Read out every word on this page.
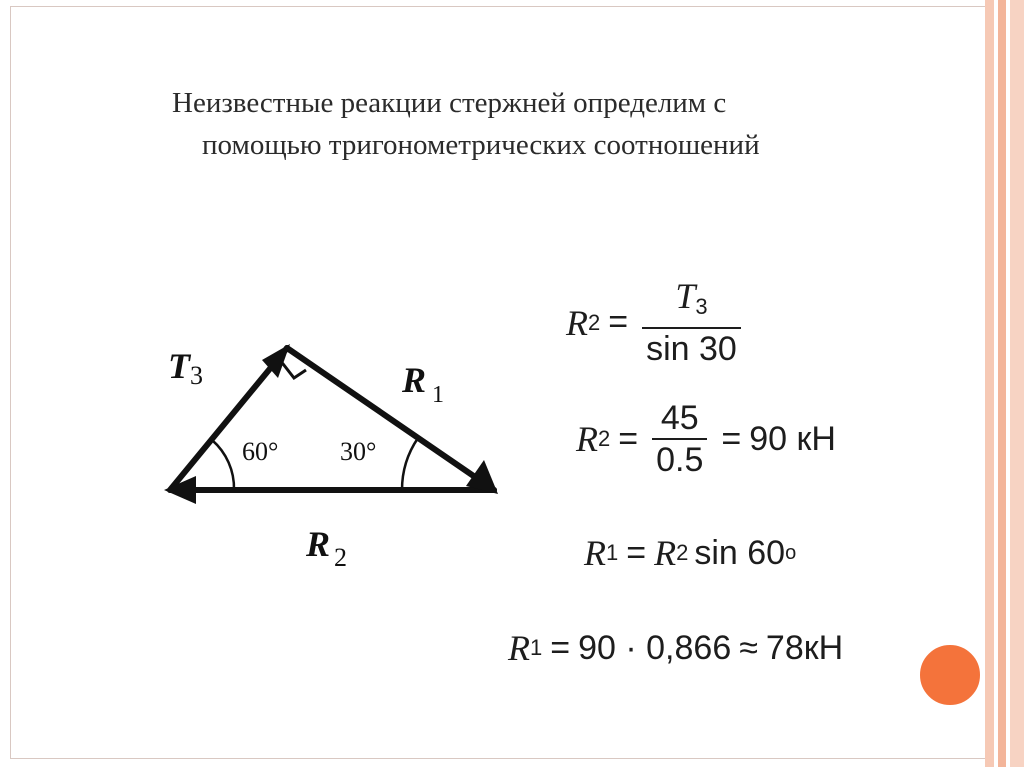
Неизвестные реакции стержней определим с
помощью тригонометрических соотношений
T3	R $_1$
R $_2$
60° 30°
R $2 = \frac{T_3}{\sin 30}$
R $2 = \frac{45}{0.5} = 90$ кН
R 1 = R 2 sin 60 o
R 1 = 90 · 0,866 ≈ 78кН
